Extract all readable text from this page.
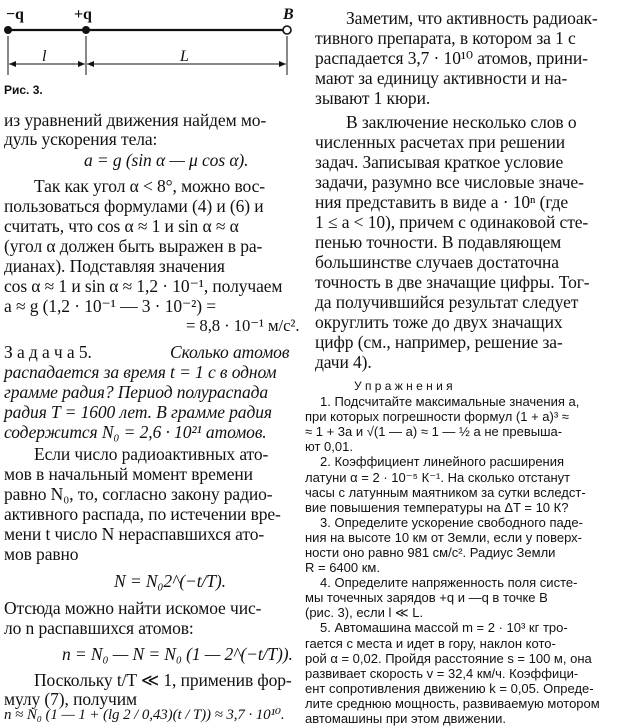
−q	+q	B
l	L
Рис. 3.
из уравнений движения найдем мо-
дуль ускорения тела:
a = g (sin α — μ cos α).
Так как угол α < 8°, можно вос-
пользоваться формулами (4) и (6) и
считать, что cos α ≈ 1 и sin α ≈ α
(угол α должен быть выражен в ра-
дианах). Подставляя значения
cos α ≈ 1 и sin α ≈ 1,2 · 10⁻¹, получаем
a ≈ g (1,2 · 10⁻¹ — 3 · 10⁻²) =
= 8,8 · 10⁻¹ м/с².
З а д а ч а 5.	Сколько атомов
распадается за время t = 1 c в одном
грамме радия? Период полураспада
радия T = 1600 лет. В грамме радия
содержится N₀ = 2,6 · 10²¹ атомов.
Если число радиоактивных ато-
мов в начальный момент времени
равно N₀, то, согласно закону радио-
активного распада, по истечении вре-
мени t число N нераспавшихся ато-
мов равно
N = N₀2^(−t/T).
Отсюда можно найти искомое чис-
ло n распавшихся атомов:
n = N₀ — N = N₀ (1 — 2^(−t/T)).
Поскольку t/T ≪ 1, применив фор-
мулу (7), получим
n ≈ N₀ (1 — 1 + (lg 2 / 0,43)(t / T)) ≈ 3,7 · 10¹⁰.
Заметим, что активность радиоак-
тивного препарата, в котором за 1 с
распадается 3,7 · 10¹⁰ атомов, прини-
мают за единицу активности и на-
зывают 1 кюри.
В заключение несколько слов о
численных расчетах при решении
задач. Записывая краткое условие
задачи, разумно все числовые значе-
ния представить в виде a · 10ⁿ (где
1 ≤ a < 10), причем с одинаковой сте-
пенью точности. В подавляющем
большинстве случаев достаточна
точность в две значащие цифры. Тог-
да получившийся результат следует
округлить тоже до двух значащих
цифр (см., например, решение за-
дачи 4).
У п р а ж н е н и я
1. Подсчитайте максимальные значения a,
при которых погрешности формул (1 + a)³ ≈
≈ 1 + 3a и √(1 — a) ≈ 1 — ½ a не превыша-
ют 0,01.
2. Коэффициент линейного расширения
латуни α = 2 · 10⁻⁵ К⁻¹. На сколько отстанут
часы с латунным маятником за сутки вследст-
вие повышения температуры на ΔT = 10 К?
3. Определите ускорение свободного паде-
ния на высоте 10 км от Земли, если у поверх-
ности оно равно 981 см/с². Радиус Земли
R = 6400 км.
4. Определите напряженность поля систе-
мы точечных зарядов +q и —q в точке B
(рис. 3), если l ≪ L.
5. Автомашина массой m = 2 · 10³ кг тро-
гается с места и идет в гору, наклон кото-
рой α = 0,02. Пройдя расстояние s = 100 м, она
развивает скорость v = 32,4 км/ч. Коэффици-
ент сопротивления движению k = 0,05. Опреде-
лите среднюю мощность, развиваемую мотором
автомашины при этом движении.
